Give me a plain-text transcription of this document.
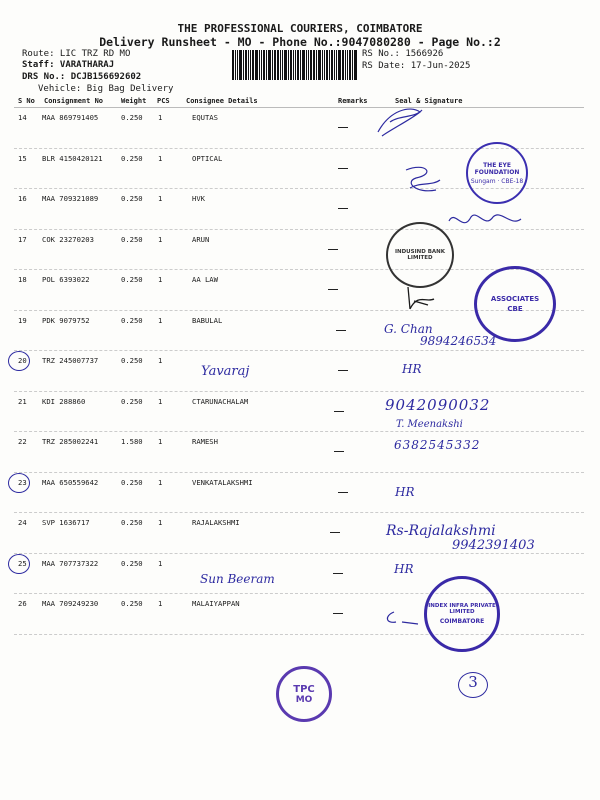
THE PROFESSIONAL COURIERS, COIMBATORE
Delivery Runsheet - MO - Phone No.:9047080280 - Page No.:2
Route: LIC TRZ RD MO
Staff: VARATHARAJ
DRS No.: DCJB156692602
Vehicle: Big Bag Delivery
RS No.: 1566926
RS Date: 17-Jun-2025
S No Consignment No	Weight PCS Consignee Details	Remarks	Seal & Signature
14 MAA 869791405	0.250 1	EQUTAS
15 BLR 4150420121	0.250 1	OPTICAL
16 MAA 709321089	0.250 1	HVK
17 COK 23270203	0.250 1	ARUN
18 POL 6393022	0.250 1	AA LAW
19 PDK 9079752	0.250 1	BABULAL
20 TRZ 245007737	0.250 1
21 KDI 288860	0.250 1	CTARUNACHALAM
22 TRZ 285002241	1.580 1	RAMESH
23 MAA 650559642	0.250 1	VENKATALAKSHMI
24 SVP 1636717	0.250 1	RAJALAKSHMI
25 MAA 707737322	0.250 1
26 MAA 709249230	0.250 1	MALAIYAPPAN
THE EYE FOUNDATION
Sungam · CBE-18
INDUSIND BANK LIMITED
ASSOCIATES
CBE
INDEX INFRA PRIVATE LIMITED
COIMBATORE
TPC
MO
Yavaraj
G. Chan
9894246534
HR
9042090032
T. Meenakshi
6382545332
HR
Rs-Rajalakshmi
9942391403
HR
Sun Beeram
3
